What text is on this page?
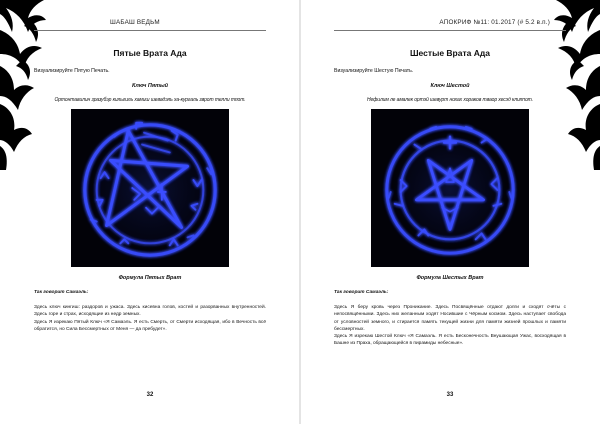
ШАБАШ ВЕДЬМ
Пятые Врата Ада
Визуализируйте Пятую Печать.
Ключ Пятый
Ортонтавилин зразубэр кильгиль хамиш шевадэль ха-кургаль зврот телли тпот.
Формула Пятых Врат
Так говорит Самаэль:

Здесь ключ кингиш: раздоров и ужаса. Здесь кисевна голов, костей и разорванных внутренностей. Здесь горе и страх, исходящие из недр земных.

Здесь Я изрекаю Пятый Ключ «Я Самаэль. Я есть Смерть, от Смерти исходящая, ибо в Вечность всё обратится, но Сила Бессмертных от Меня — да пребудет».

32
АПОКРИФ №11: 01.2017 (# 5.2 в.п.)
Шестые Врата Ада
Визуализируйте Шестую Печать.
Ключ Шестой
Нефилим ле амалек ортэй шевурт нохах хораков тваор хесэд клиппот.
Формула Шестых Врат
Так говорит Самаэль:

Здесь Я беру кровь через Проникание. Здесь Посвящённые отдают долги и сходят счёты с непосвящёнными. Здесь них желанным ходят Носившие с Чёрным космом. Здесь наступает свобода от условностей земного, и стирается память текущей жизни для памяти жизней прошлых и памяти бессмертных.

Здесь Я изрекаю Шестой Ключ «Я Самаэль. Я есть Бесконечность Внушающая Ужас, восходящая в Башне из Праха, обращающейся в пирамиды небесные».

33
